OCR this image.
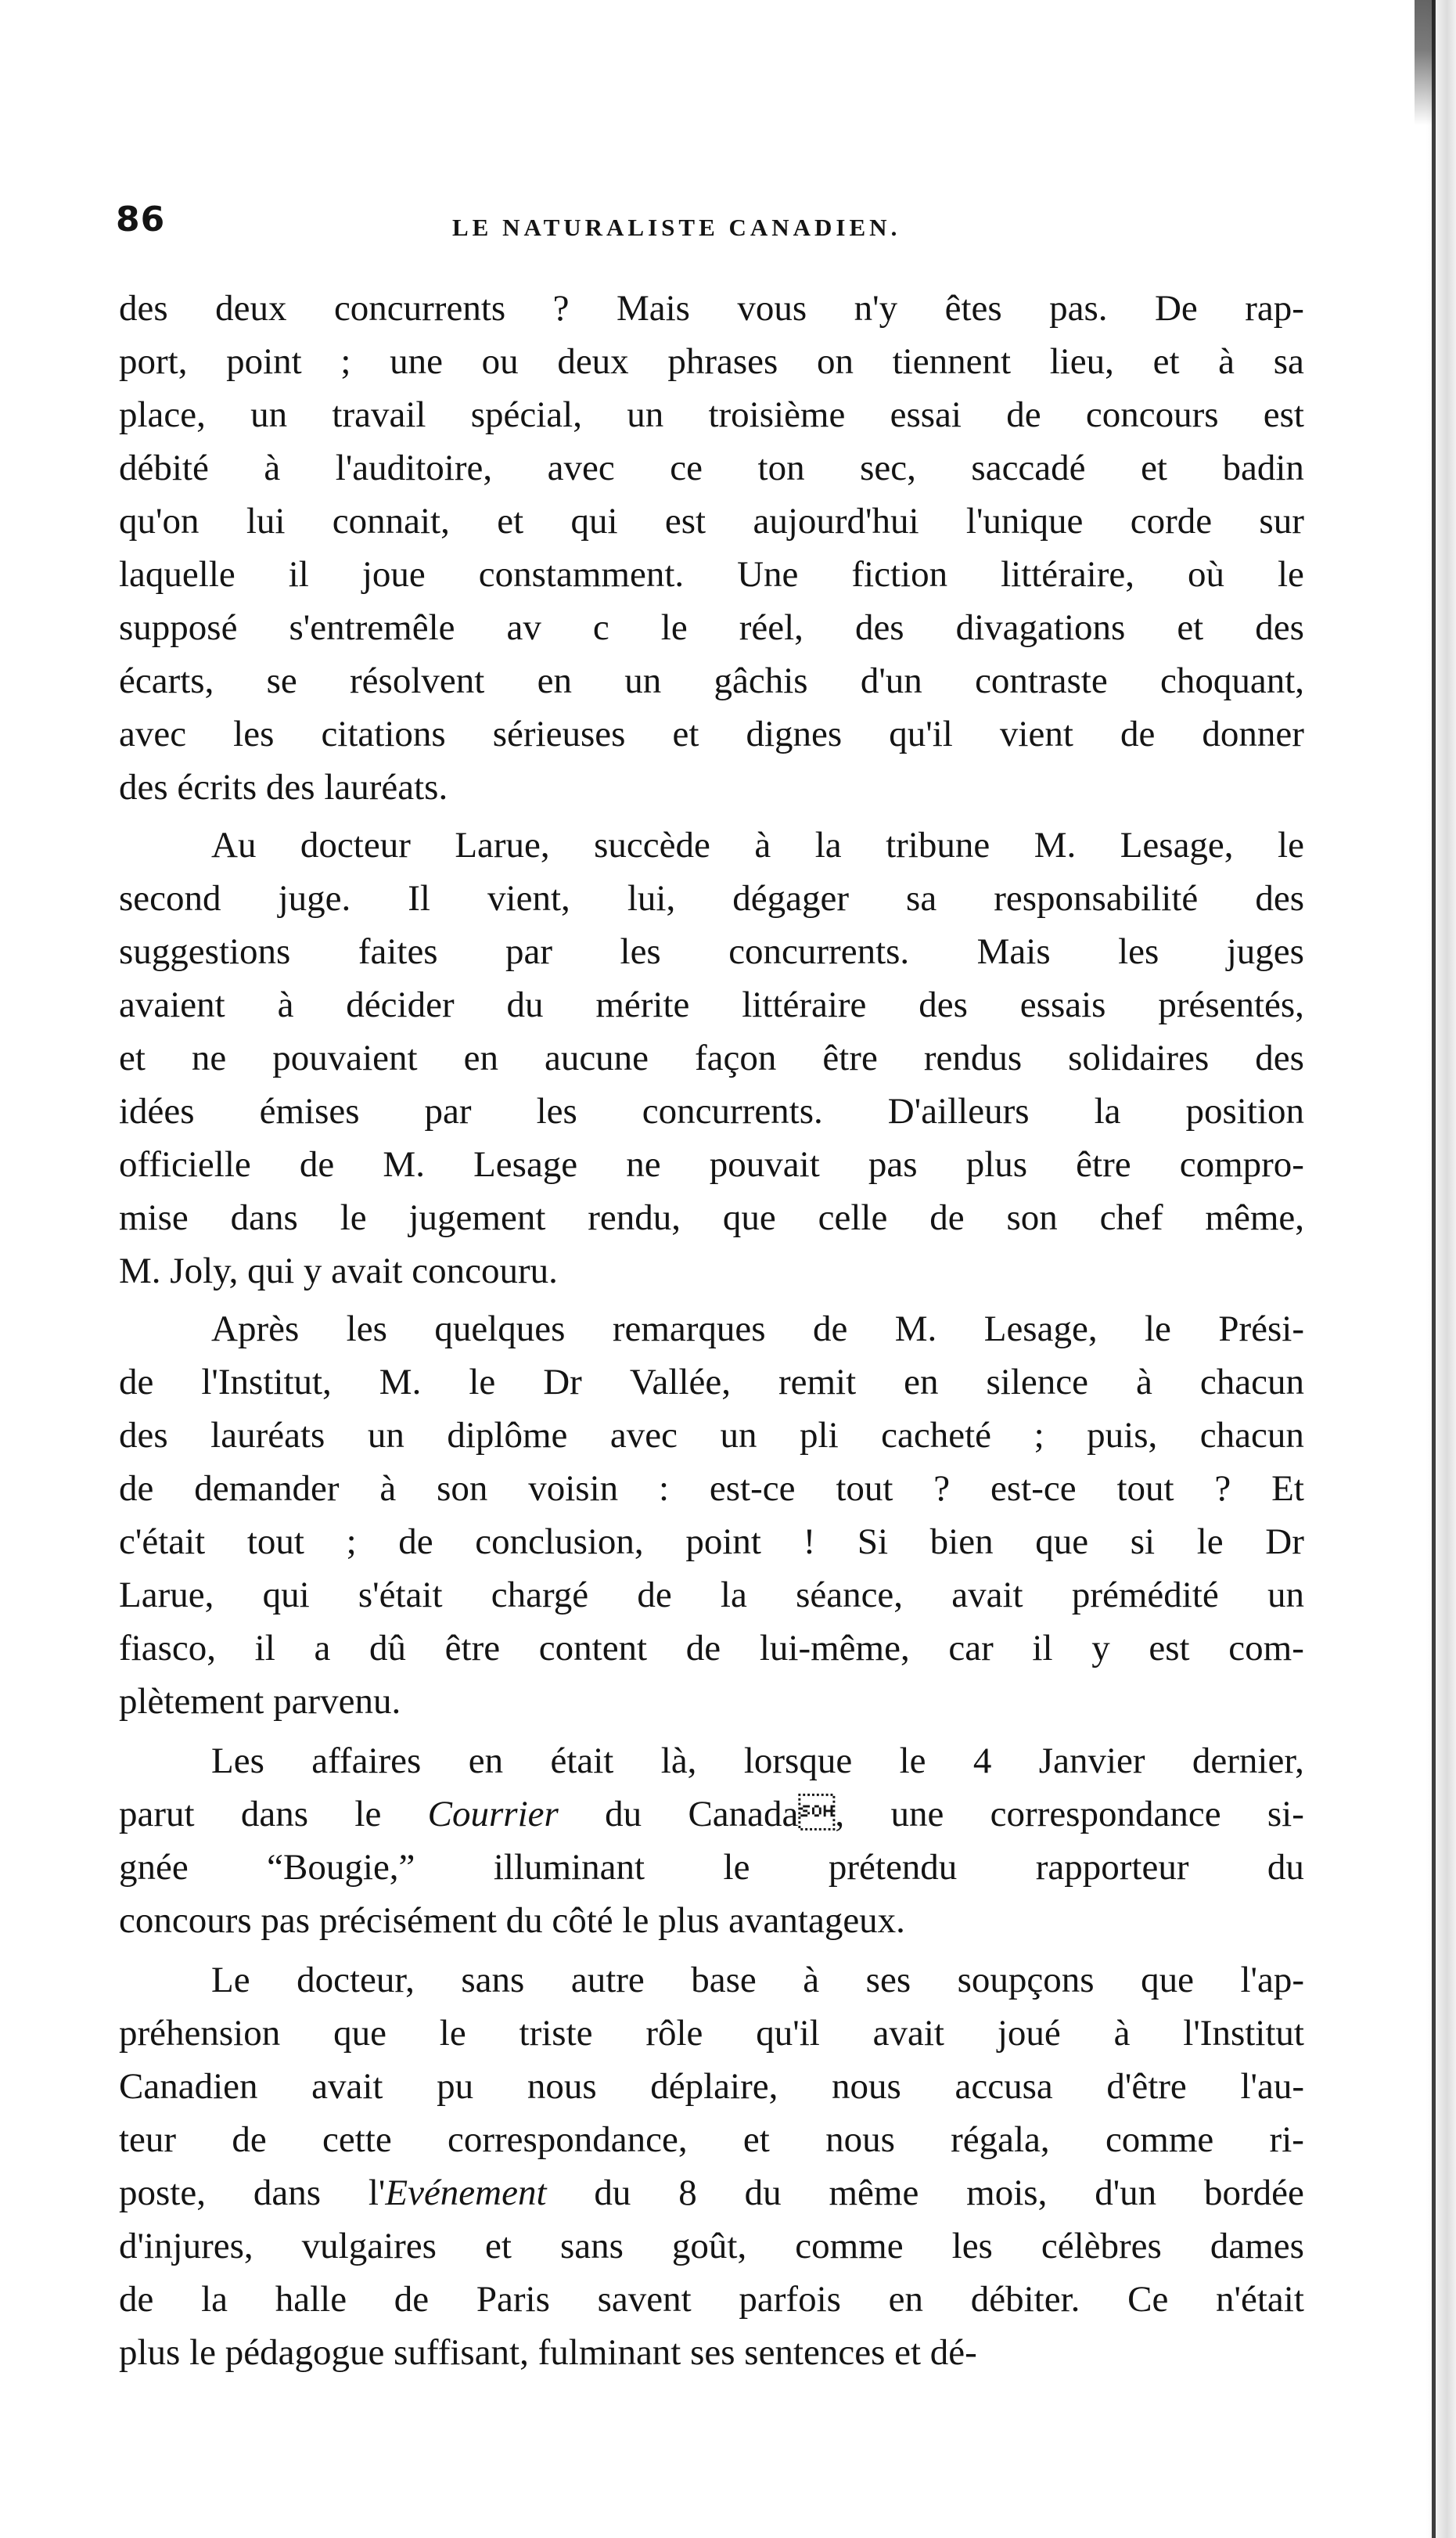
86	LE NATURALISTE CANADIEN.
des deux concurrents ? Mais vous n'y êtes pas. De rap-
port, point ; une ou deux phrases on tiennent lieu, et à sa
place, un travail spécial, un troisième essai de concours est
débité à l'auditoire, avec ce ton sec, saccadé et badin
qu'on lui connait, et qui est aujourd'hui l'unique corde sur
laquelle il joue constamment. Une fiction littéraire, où le
supposé s'entremêle av c le réel, des divagations et des
écarts, se résolvent en un gâchis d'un contraste choquant,
avec les citations sérieuses et dignes qu'il vient de donner
des écrits des lauréats.
Au docteur Larue, succède à la tribune M. Lesage, le
second juge. Il vient, lui, dégager sa responsabilité des
suggestions faites par les concurrents. Mais les juges
avaient à décider du mérite littéraire des essais présentés,
et ne pouvaient en aucune façon être rendus solidaires des
idées émises par les concurrents. D'ailleurs la position
officielle de M. Lesage ne pouvait pas plus être compro-
mise dans le jugement rendu, que celle de son chef même,
M. Joly, qui y avait concouru.
Après les quelques remarques de M. Lesage, le Prési-
de l'Institut, M. le Dr Vallée, remit en silence à chacun
des lauréats un diplôme avec un pli cacheté ; puis, chacun
de demander à son voisin : est-ce tout ? est-ce tout ? Et
c'était tout ; de conclusion, point ! Si bien que si le Dr
Larue, qui s'était chargé de la séance, avait prémédité un
fiasco, il a dû être content de lui-même, car il y est com-
plètement parvenu.
Les affaires en était là, lorsque le 4 Janvier dernier,
parut dans le Courrier du Canada, une correspondance si-
gnée “Bougie,” illuminant le prétendu rapporteur du
concours pas précisément du côté le plus avantageux.
Le docteur, sans autre base à ses soupçons que l'ap-
préhension que le triste rôle qu'il avait joué à l'Institut
Canadien avait pu nous déplaire, nous accusa d'être l'au-
teur de cette correspondance, et nous régala, comme ri-
poste, dans l'Evénement du 8 du même mois, d'un bordée
d'injures, vulgaires et sans goût, comme les célèbres dames
de la halle de Paris savent parfois en débiter. Ce n'était
plus le pédagogue suffisant, fulminant ses sentences et dé-
